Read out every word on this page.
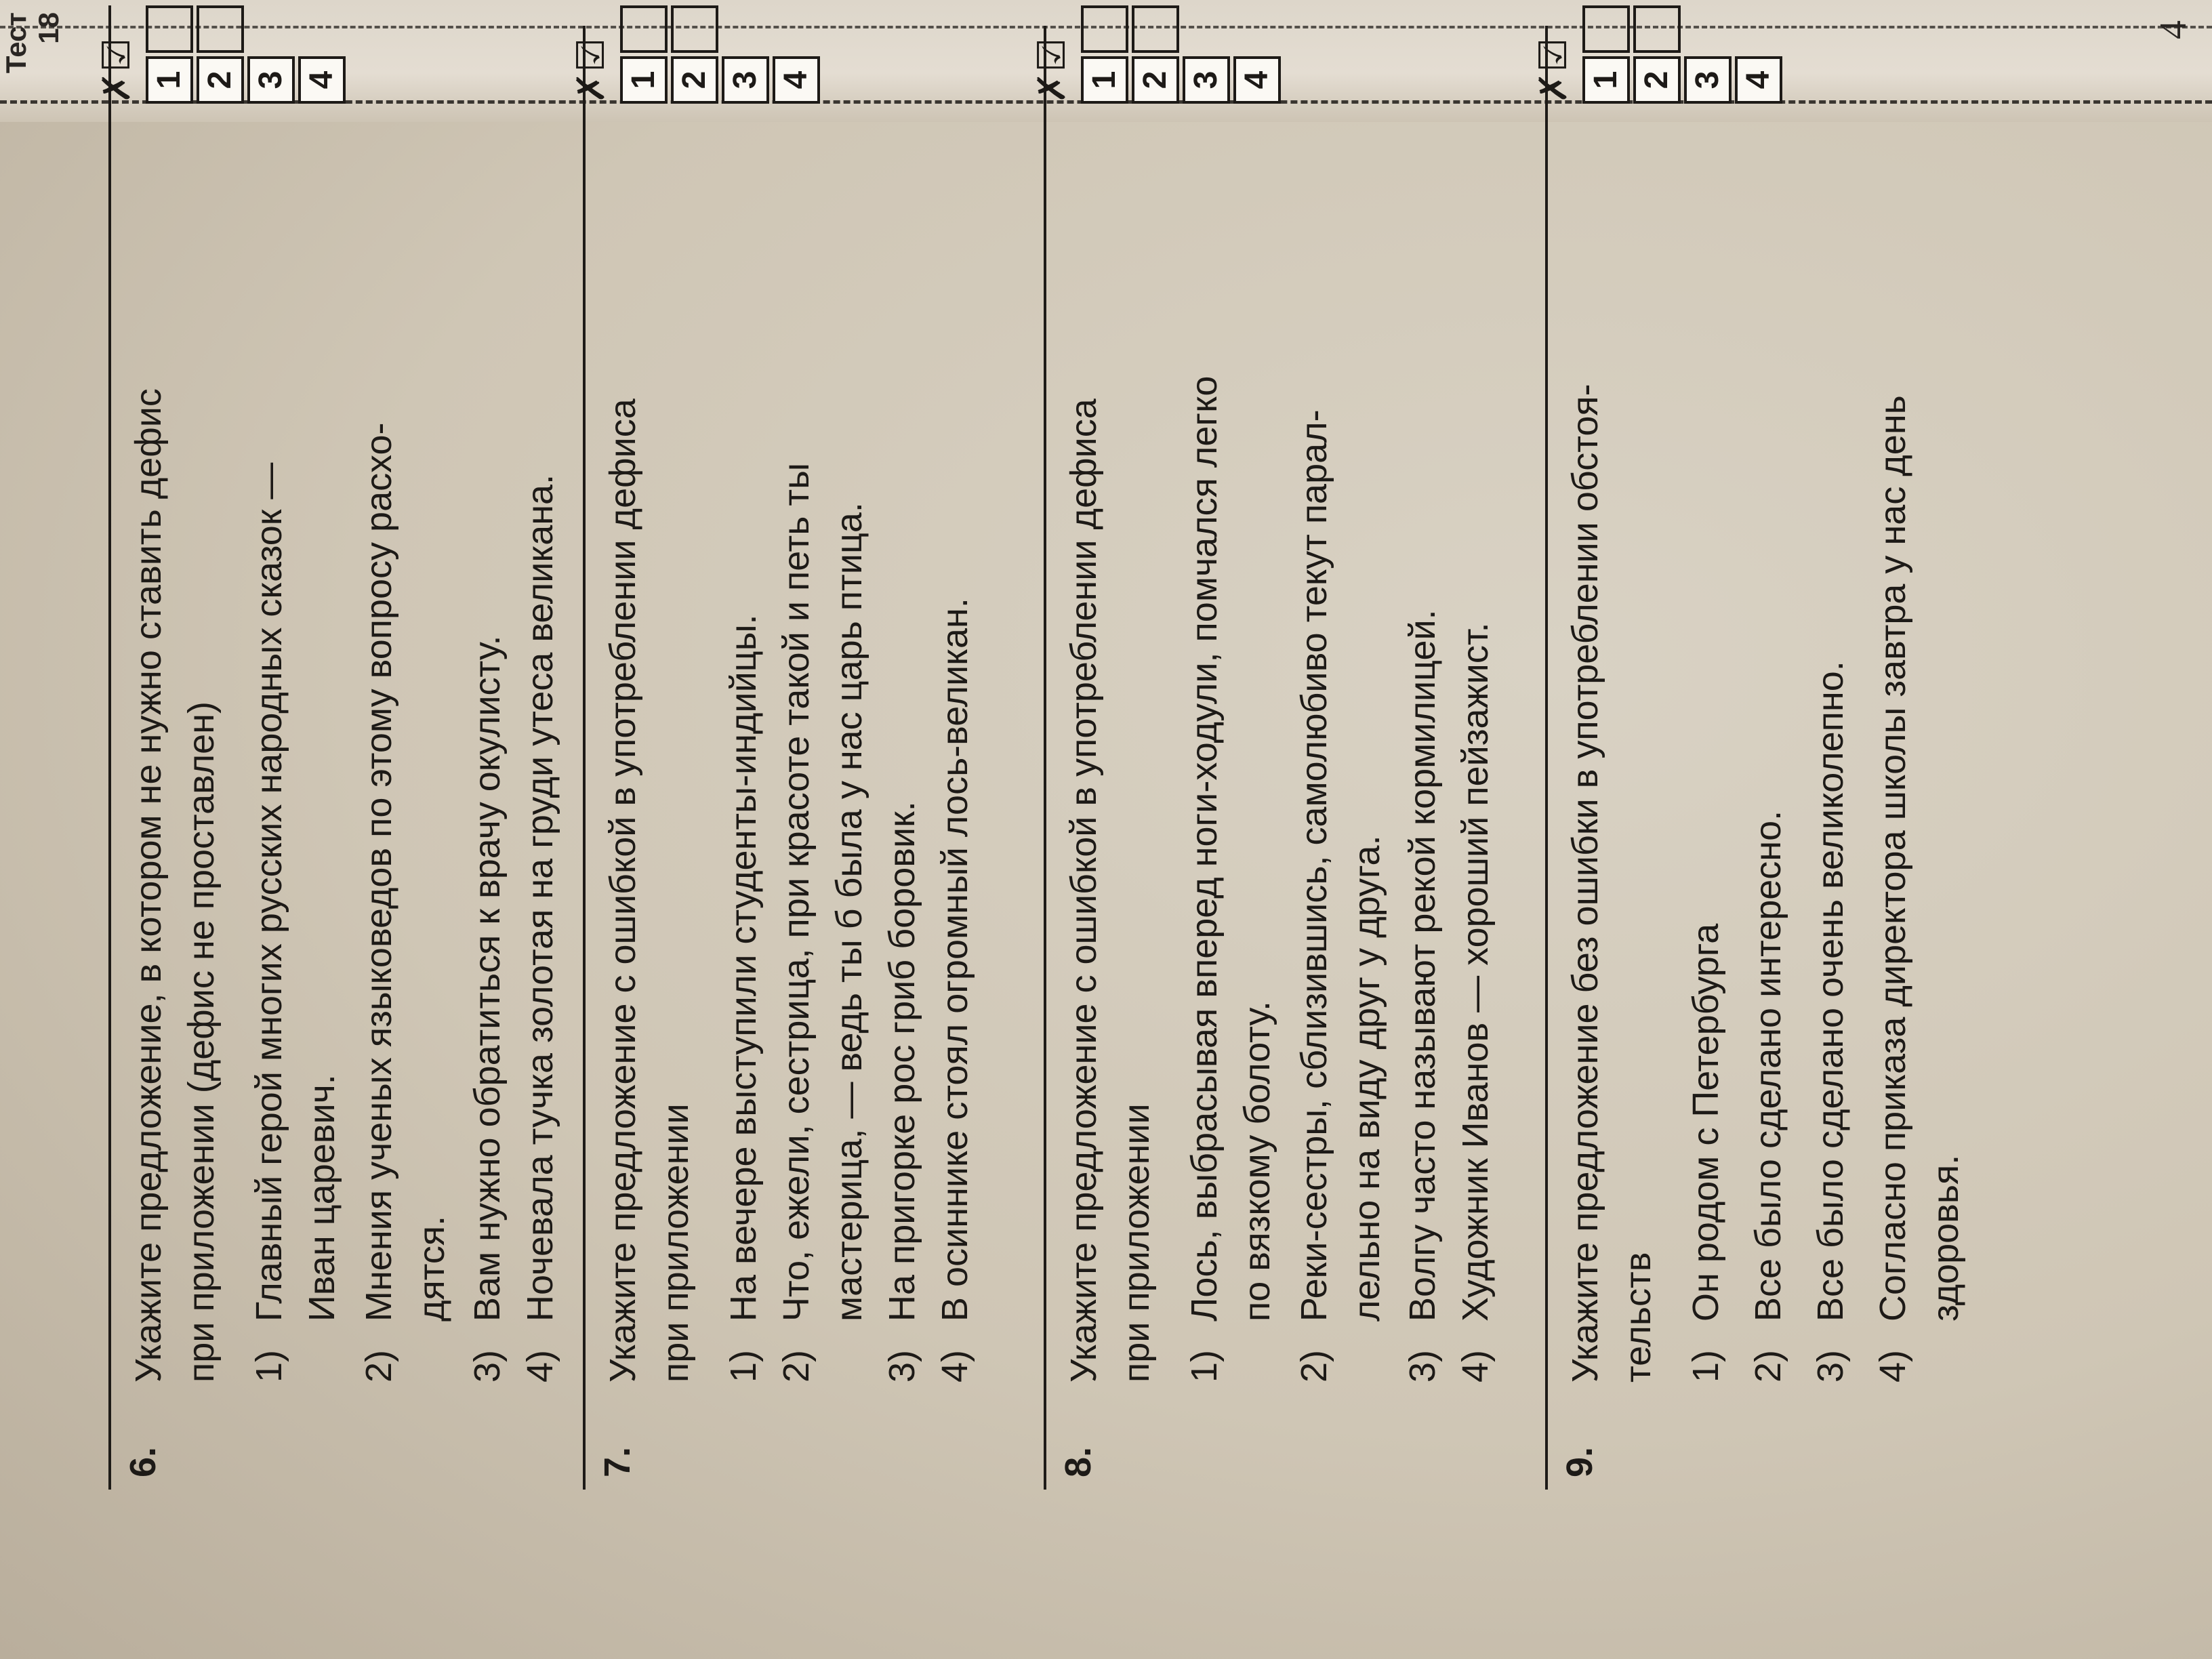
Тест 18	4
6.
Укажите предложение, в котором не нужно ставить дефис при приложении (дефис не проставлен) 1)
Главный герой многих русских народных сказок — Иван царевич.
2)
Мнения ученых языковедов по этому вопросу расхо- дятся.
3)
Вам нужно обратиться к врачу окулисту.
4)
Ночевала тучка золотая на груди утеса великана.
✗☑
1 2
7.
Укажите предложение с ошибкой в употреблении дефиса при приложении 1)
На вечере выступили студенты-индийцы.
2)
Что, ежели, сестрица, при красоте такой и петь ты мастерица, — ведь ты б была у нас царь птица.
3)
На пригорке рос гриб боровик.
4)
В осиннике стоял огромный лось-великан.
✗☑
1 2
8.
Укажите предложение с ошибкой в употреблении дефиса при приложении 1)
Лось, выбрасывая вперед ноги-ходули, помчался легко по вязкому болоту.
2)
Реки-сестры, сблизившись, самолюбиво текут парал- лельно на виду друг у друга.
3)
Волгу часто называют рекой кормилицей.
4)
Художник Иванов — хороший пейзажист.
✗☑
1 2
9.
Укажите предложение без ошибки в употреблении обстоя- тельств 1)
Он родом с Петербурга
2)
Все было сделано интересно.
3)
Все было сделано очень великолепно.
4)
Согласно приказа директора школы завтра у нас день здоровья.
✗☑
1 2
3 4	3 4	3 4	3 4
